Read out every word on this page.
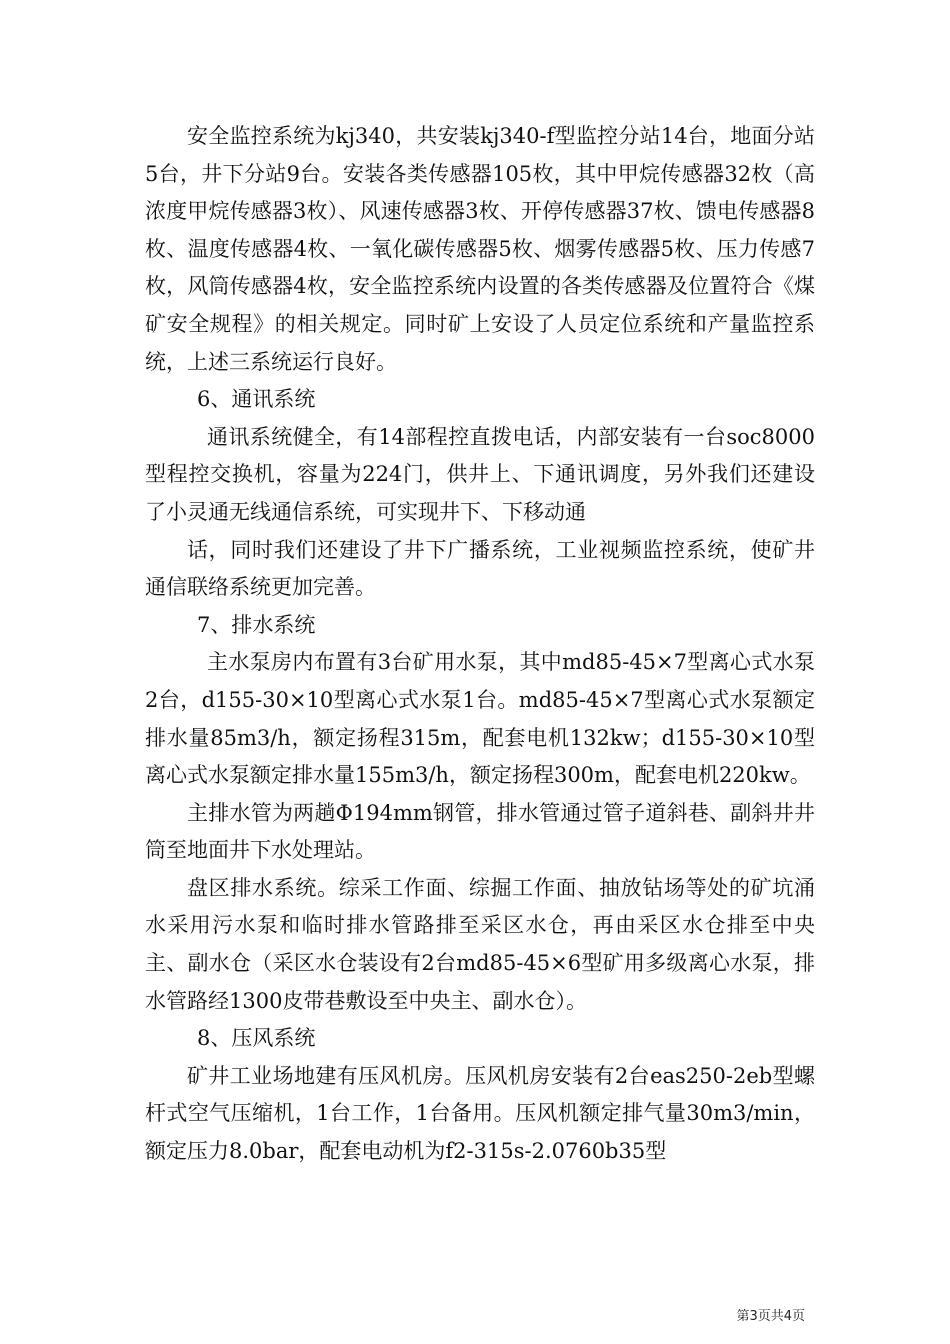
安全监控系统为kj340，共安装kj340-f型监控分站14台，地面分站5台，井下分站9台。安装各类传感器105枚，其中甲烷传感器32枚（高浓度甲烷传感器3枚）、风速传感器3枚、开停传感器37枚、馈电传感器8枚、温度传感器4枚、一氧化碳传感器5枚、烟雾传感器5枚、压力传感7枚，风筒传感器4枚，安全监控系统内设置的各类传感器及位置符合《煤矿安全规程》的相关规定。同时矿上安设了人员定位系统和产量监控系统，上述三系统运行良好。

6、通讯系统

通讯系统健全，有14部程控直拨电话，内部安装有一台soc8000型程控交换机，容量为224门，供井上、下通讯调度，另外我们还建设了小灵通无线通信系统，可实现井下、下移动通

话，同时我们还建设了井下广播系统，工业视频监控系统，使矿井通信联络系统更加完善。

7、排水系统

主水泵房内布置有3台矿用水泵，其中md85-45×7型离心式水泵2台，d155-30×10型离心式水泵1台。md85-45×7型离心式水泵额定排水量85m3/h，额定扬程315m，配套电机132kw；d155-30×10型离心式水泵额定排水量155m3/h，额定扬程300m，配套电机220kw。

主排水管为两趟Φ194mm钢管，排水管通过管子道斜巷、副斜井井筒至地面井下水处理站。

盘区排水系统。综采工作面、综掘工作面、抽放钻场等处的矿坑涌水采用污水泵和临时排水管路排至采区水仓，再由采区水仓排至中央主、副水仓（采区水仓装设有2台md85-45×6型矿用多级离心水泵，排水管路经1300皮带巷敷设至中央主、副水仓）。

8、压风系统

矿井工业场地建有压风机房。压风机房安装有2台eas250-2eb型螺杆式空气压缩机，1台工作，1台备用。压风机额定排气量30m3/min，额定压力8.0bar，配套电动机为f2-315s-2.0760b35型

第3页共4页
